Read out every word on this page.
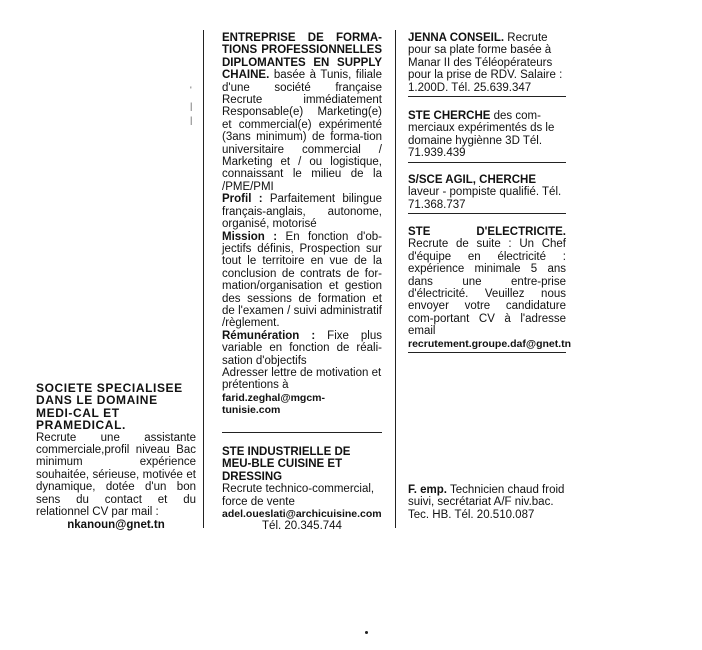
'
|
|

SOCIETE SPECIALISEE DANS LE DOMAINE MEDI-CAL ET PRAMEDICAL.

Recrute une assistante commerciale,profil niveau Bac minimum expérience souhaitée, sérieuse, motivée et dynamique, dotée d'un bon sens du contact et du relationnel CV par mail :

nkanoun@gnet.tn

ENTREPRISE DE FORMA-TIONS PROFESSIONNELLES DIPLOMANTES EN SUPPLY CHAINE. basée à Tunis, filiale d'une société française Recrute immédiatement Responsable(e) Marketing(e) et commercial(e) expérimenté (3ans minimum) de forma-tion universitaire commercial / Marketing et / ou logistique, connaissant le milieu de la /PME/PMI

Profil : Parfaitement bilingue français-anglais, autonome, organisé, motorisé

Mission : En fonction d'ob-jectifs définis, Prospection sur tout le territoire en vue de la conclusion de contrats de for-mation/organisation et gestion des sessions de formation et de l'examen / suivi administratif /règlement.

Rémunération : Fixe plus variable en fonction de réali-sation d'objectifs

Adresser lettre de motivation et prétentions à

farid.zeghal@mgcm-tunisie.com

STE INDUSTRIELLE DE MEU-BLE CUISINE ET DRESSING

Recrute technico-commercial, force de vente

adel.oueslati@archicuisine.com

Tél. 20.345.744

JENNA CONSEIL. Recrute pour sa plate forme basée à Manar II des Téléopérateurs pour la prise de RDV. Salaire : 1.200D. Tél. 25.639.347

STE CHERCHE des com-merciaux expérimentés ds le domaine hygiènne 3D Tél. 71.939.439

S/SCE AGIL, CHERCHE

laveur - pompiste qualifié. Tél. 71.368.737

STE D'ELECTRICITE. Recrute de suite : Un Chef d'équipe en électricité : expérience minimale 5 ans dans une entre-prise d'électricité. Veuillez nous envoyer votre candidature com-portant CV à l'adresse email

recrutement.groupe.daf@gnet.tn

F. emp. Technicien chaud froid suivi, secrétariat A/F niv.bac. Tec. HB. Tél. 20.510.087
